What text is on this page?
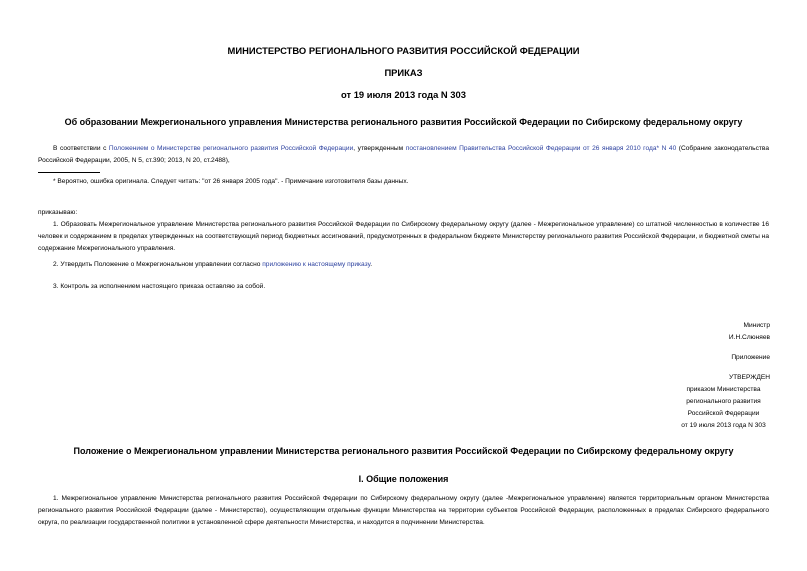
МИНИСТЕРСТВО РЕГИОНАЛЬНОГО РАЗВИТИЯ РОССИЙСКОЙ ФЕДЕРАЦИИ
ПРИКАЗ
от 19 июля 2013 года N 303
Об образовании Межрегионального управления Министерства регионального развития Российской Федерации по Сибирскому федеральному округу

В соответствии с Положением о Министерстве регионального развития Российской Федерации, утвержденным постановлением Правительства Российской Федерации от 26 января 2010 года* N 40 (Собрание законодательства Российской Федерации, 2005, N 5, ст.390; 2013, N 20, ст.2488),

* Вероятно, ошибка оригинала. Следует читать: "от 26 января 2005 года". - Примечание изготовителя базы данных.

приказываю:

1. Образовать Межрегиональное управление Министерства регионального развития Российской Федерации по Сибирскому федеральному округу (далее - Межрегиональное управление) со штатной численностью в количестве 16 человек и содержанием в пределах утвержденных на соответствующий период бюджетных ассигнований, предусмотренных в федеральном бюджете Министерству регионального развития Российской Федерации, и бюджетной сметы на содержание Межрегионального управления.

2. Утвердить Положение о Межрегиональном управлении согласно приложению к настоящему приказу.

3. Контроль за исполнением настоящего приказа оставляю за собой.

Министр
И.Н.Слюняев
Приложение
УТВЕРЖДЕН
приказом Министерства
регионального развития
Российской Федерации
от 19 июля 2013 года N 303
Положение о Межрегиональном управлении Министерства регионального развития Российской Федерации по Сибирскому федеральному округу
I. Общие положения

1. Межрегиональное управление Министерства регионального развития Российской Федерации по Сибирскому федеральному округу (далее -Межрегиональное управление) является территориальным органом Министерства регионального развития Российской Федерации (далее - Министерство), осуществляющим отдельные функции Министерства на территории субъектов Российской Федерации, расположенных в пределах Сибирского федерального округа, по реализации государственной политики в установленной сфере деятельности Министерства, и находится в подчинении Министерства.
